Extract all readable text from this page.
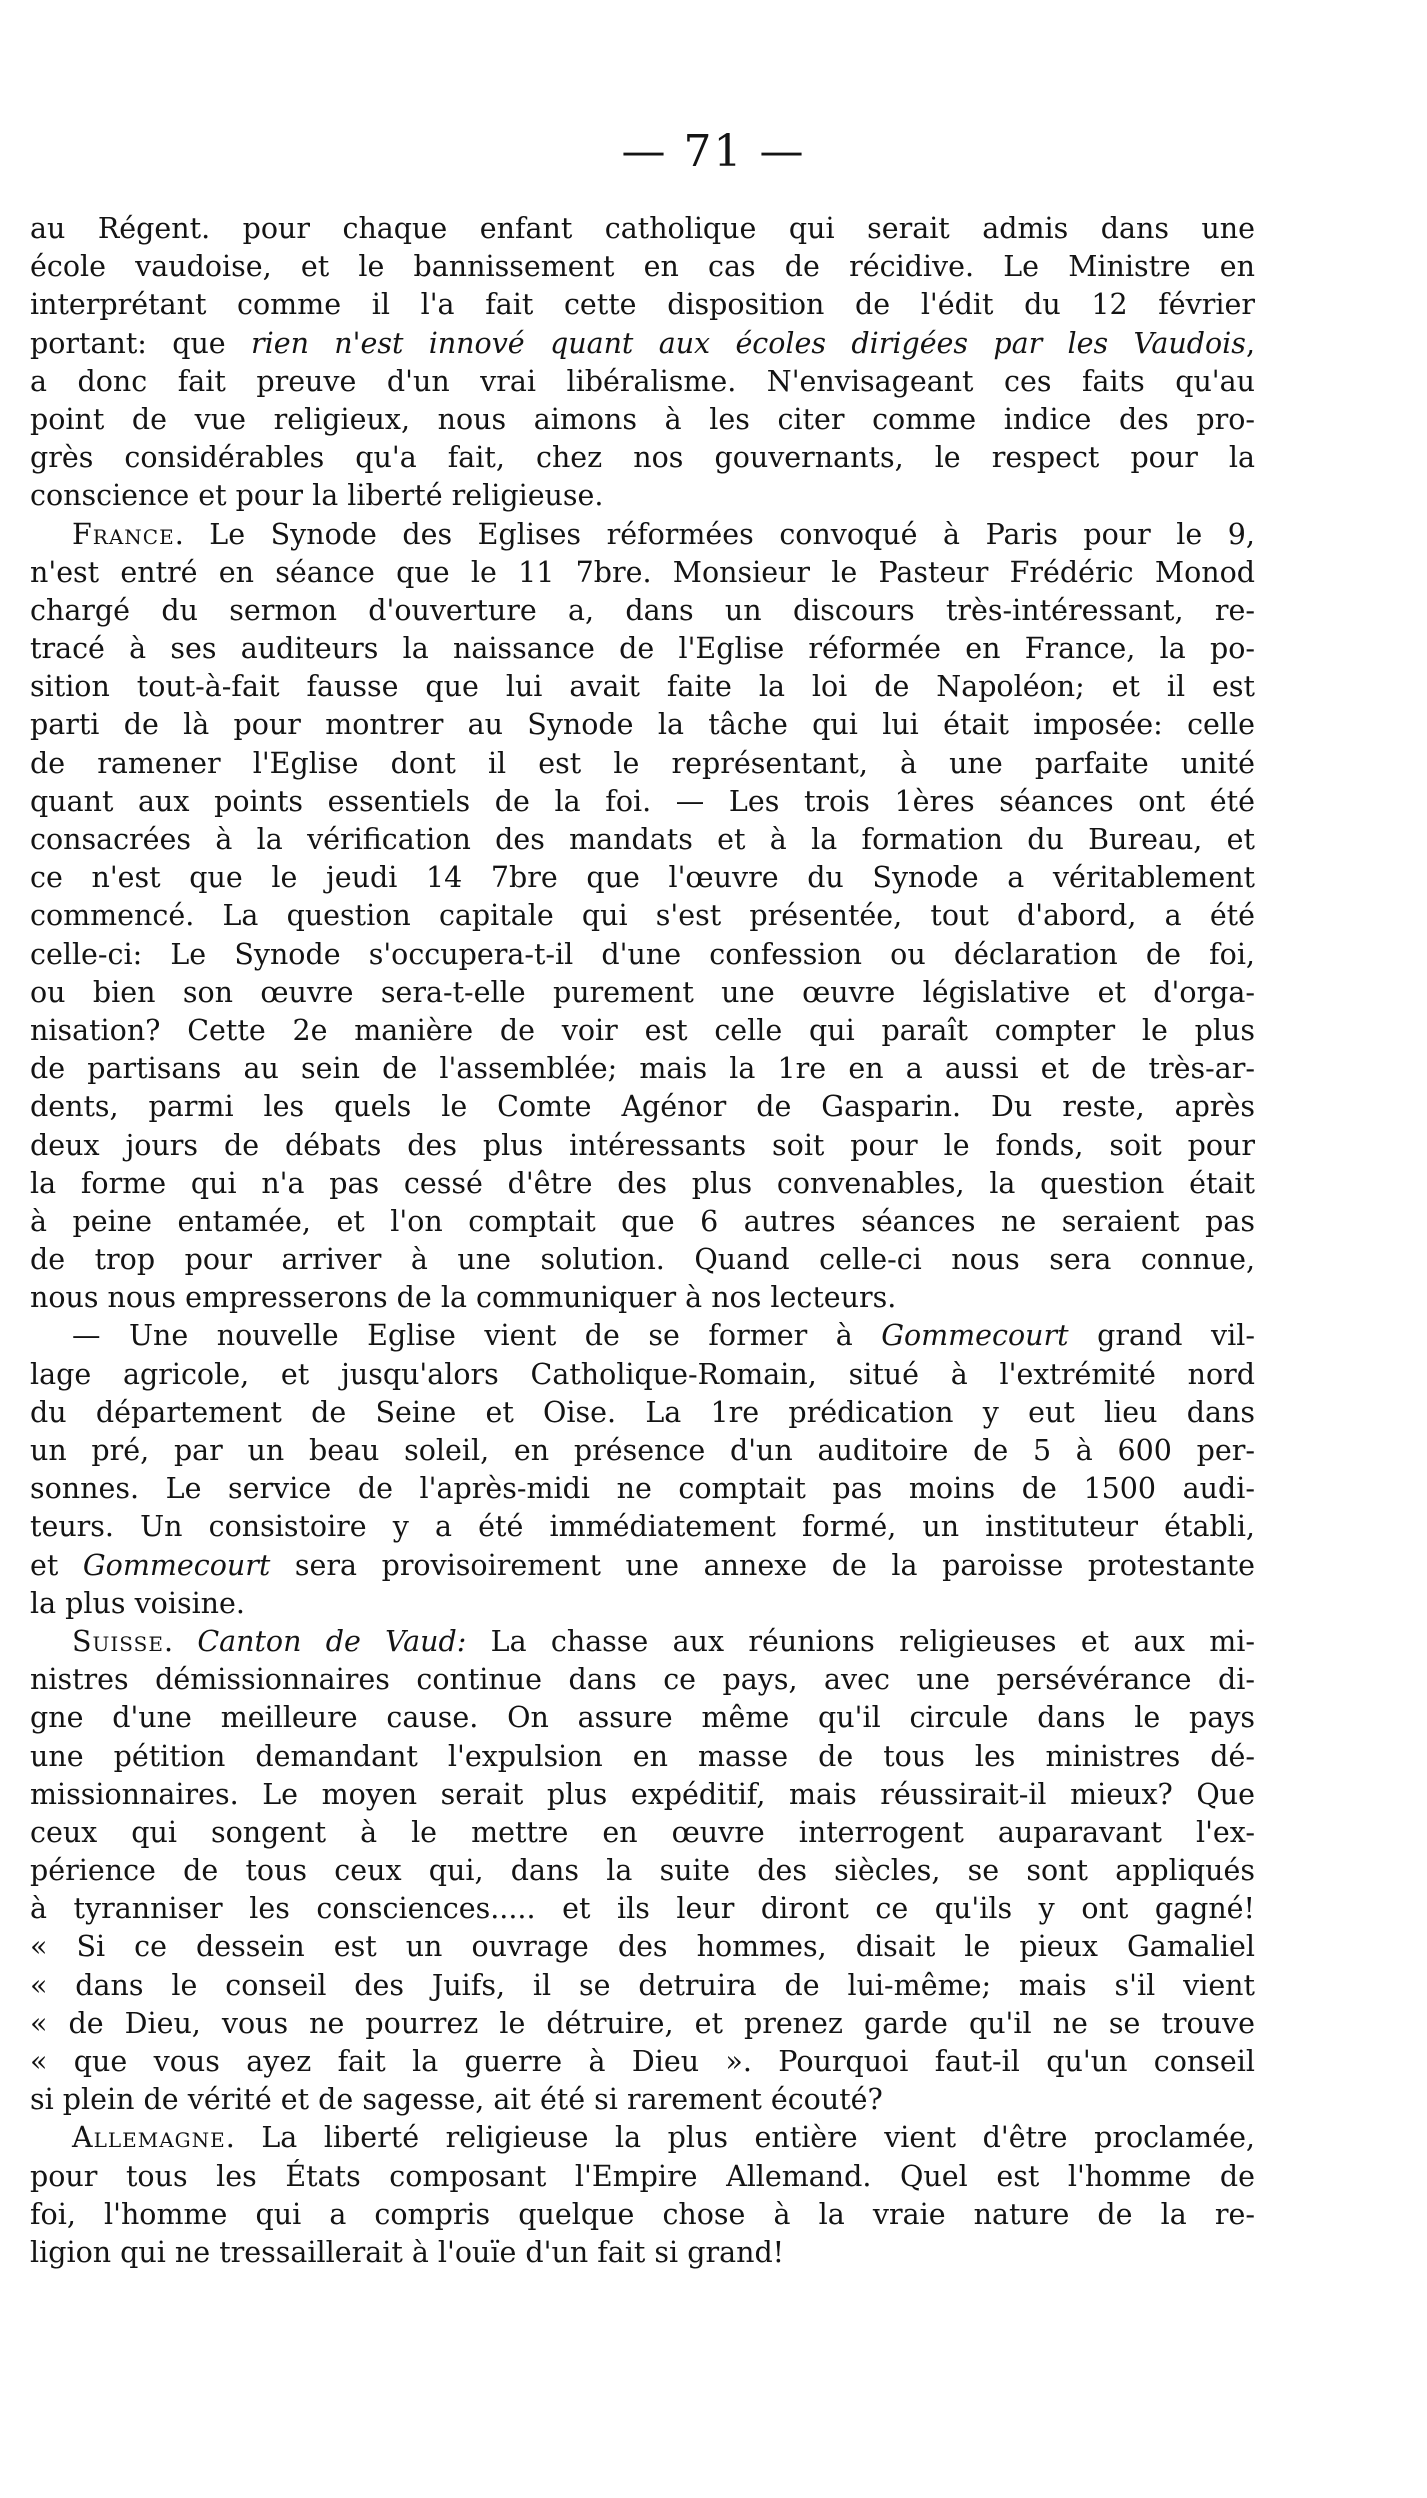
— 71 —
au Régent. pour chaque enfant catholique qui serait admis dans une
école vaudoise, et le bannissement en cas de récidive. Le Ministre en
interprétant comme il l'a fait cette disposition de l'édit du 12 février
portant: que rien n'est innové quant aux écoles dirigées par les Vaudois,
a donc fait preuve d'un vrai libéralisme. N'envisageant ces faits qu'au
point de vue religieux, nous aimons à les citer comme indice des pro-
grès considérables qu'a fait, chez nos gouvernants, le respect pour la
conscience et pour la liberté religieuse.
France. Le Synode des Eglises réformées convoqué à Paris pour le 9,
n'est entré en séance que le 11 7bre. Monsieur le Pasteur Frédéric Monod
chargé du sermon d'ouverture a, dans un discours très-intéressant, re-
tracé à ses auditeurs la naissance de l'Eglise réformée en France, la po-
sition tout-à-fait fausse que lui avait faite la loi de Napoléon; et il est
parti de là pour montrer au Synode la tâche qui lui était imposée: celle
de ramener l'Eglise dont il est le représentant, à une parfaite unité
quant aux points essentiels de la foi. — Les trois 1ères séances ont été
consacrées à la vérification des mandats et à la formation du Bureau, et
ce n'est que le jeudi 14 7bre que l'œuvre du Synode a véritablement
commencé. La question capitale qui s'est présentée, tout d'abord, a été
celle-ci: Le Synode s'occupera-t-il d'une confession ou déclaration de foi,
ou bien son œuvre sera-t-elle purement une œuvre législative et d'orga-
nisation? Cette 2e manière de voir est celle qui paraît compter le plus
de partisans au sein de l'assemblée; mais la 1re en a aussi et de très-ar-
dents, parmi les quels le Comte Agénor de Gasparin. Du reste, après
deux jours de débats des plus intéressants soit pour le fonds, soit pour
la forme qui n'a pas cessé d'être des plus convenables, la question était
à peine entamée, et l'on comptait que 6 autres séances ne seraient pas
de trop pour arriver à une solution. Quand celle-ci nous sera connue,
nous nous empresserons de la communiquer à nos lecteurs.
— Une nouvelle Eglise vient de se former à Gommecourt grand vil-
lage agricole, et jusqu'alors Catholique-Romain, situé à l'extrémité nord
du département de Seine et Oise. La 1re prédication y eut lieu dans
un pré, par un beau soleil, en présence d'un auditoire de 5 à 600 per-
sonnes. Le service de l'après-midi ne comptait pas moins de 1500 audi-
teurs. Un consistoire y a été immédiatement formé, un instituteur établi,
et Gommecourt sera provisoirement une annexe de la paroisse protestante
la plus voisine.
Suisse. Canton de Vaud: La chasse aux réunions religieuses et aux mi-
nistres démissionnaires continue dans ce pays, avec une persévérance di-
gne d'une meilleure cause. On assure même qu'il circule dans le pays
une pétition demandant l'expulsion en masse de tous les ministres dé-
missionnaires. Le moyen serait plus expéditif, mais réussirait-il mieux? Que
ceux qui songent à le mettre en œuvre interrogent auparavant l'ex-
périence de tous ceux qui, dans la suite des siècles, se sont appliqués
à tyranniser les consciences..... et ils leur diront ce qu'ils y ont gagné!
« Si ce dessein est un ouvrage des hommes, disait le pieux Gamaliel
« dans le conseil des Juifs, il se detruira de lui-même; mais s'il vient
« de Dieu, vous ne pourrez le détruire, et prenez garde qu'il ne se trouve
« que vous ayez fait la guerre à Dieu ». Pourquoi faut-il qu'un conseil
si plein de vérité et de sagesse, ait été si rarement écouté?
Allemagne. La liberté religieuse la plus entière vient d'être proclamée,
pour tous les États composant l'Empire Allemand. Quel est l'homme de
foi, l'homme qui a compris quelque chose à la vraie nature de la re-
ligion qui ne tressaillerait à l'ouïe d'un fait si grand!
